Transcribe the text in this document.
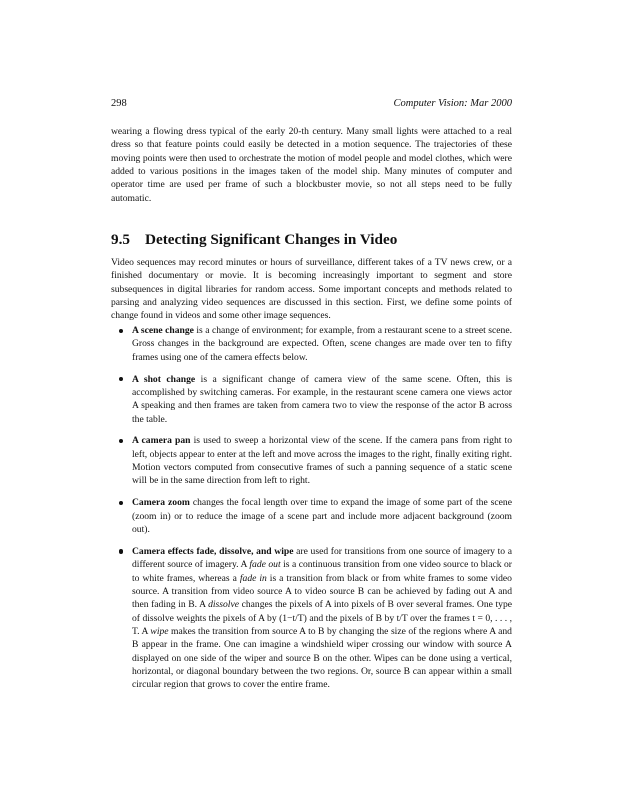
298	Computer Vision: Mar 2000

wearing a flowing dress typical of the early 20-th century. Many small lights were attached to a real dress so that feature points could easily be detected in a motion sequence. The trajectories of these moving points were then used to orchestrate the motion of model people and model clothes, which were added to various positions in the images taken of the model ship. Many minutes of computer and operator time are used per frame of such a blockbuster movie, so not all steps need to be fully automatic.

9.5 Detecting Significant Changes in Video

Video sequences may record minutes or hours of surveillance, different takes of a TV news crew, or a finished documentary or movie. It is becoming increasingly important to segment and store subsequences in digital libraries for random access. Some important concepts and methods related to parsing and analyzing video sequences are discussed in this section. First, we define some points of change found in videos and some other image sequences.

A scene change is a change of environment; for example, from a restaurant scene to a street scene. Gross changes in the background are expected. Often, scene changes are made over ten to fifty frames using one of the camera effects below.
A shot change is a significant change of camera view of the same scene. Often, this is accomplished by switching cameras. For example, in the restaurant scene camera one views actor A speaking and then frames are taken from camera two to view the response of the actor B across the table.
A camera pan is used to sweep a horizontal view of the scene. If the camera pans from right to left, objects appear to enter at the left and move across the images to the right, finally exiting right. Motion vectors computed from consecutive frames of such a panning sequence of a static scene will be in the same direction from left to right.
Camera zoom changes the focal length over time to expand the image of some part of the scene (zoom in) or to reduce the image of a scene part and include more adjacent background (zoom out).
Camera effects fade, dissolve, and wipe are used for transitions from one source of imagery to a different source of imagery. A fade out is a continuous transition from one video source to black or to white frames, whereas a fade in is a transition from black or from white frames to some video source. A transition from video source A to video source B can be achieved by fading out A and then fading in B. A dissolve changes the pixels of A into pixels of B over several frames. One type of dissolve weights the pixels of A by (1−t/T) and the pixels of B by t/T over the frames t = 0, . . . , T. A wipe makes the transition from source A to B by changing the size of the regions where A and B appear in the frame. One can imagine a windshield wiper crossing our window with source A displayed on one side of the wiper and source B on the other. Wipes can be done using a vertical, horizontal, or diagonal boundary between the two regions. Or, source B can appear within a small circular region that grows to cover the entire frame.
